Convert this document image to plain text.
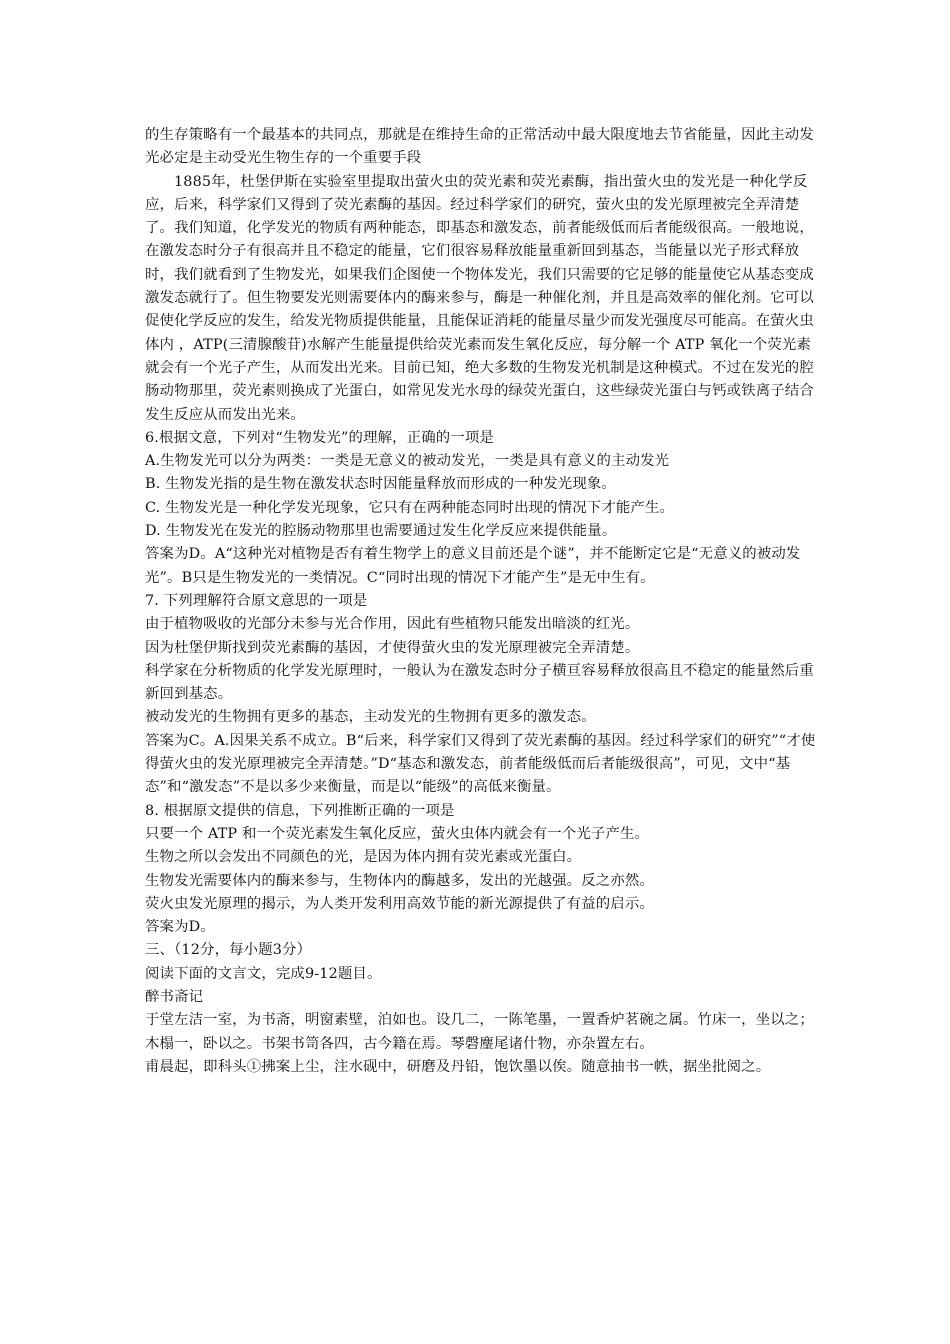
的生存策略有一个最基本的共同点，那就是在维持生命的正常活动中最大限度地去节省能量，因此主动发光必定是主动受光生物生存的一个重要手段

1885年，杜堡伊斯在实验室里提取出萤火虫的荧光素和荧光素酶，指出萤火虫的发光是一种化学反应，后来，科学家们又得到了荧光素酶的基因。经过科学家们的研究，萤火虫的发光原理被完全弄清楚了。我们知道，化学发光的物质有两种能态，即基态和激发态，前者能级低而后者能级很高。一般地说，在激发态时分子有很高并且不稳定的能量，它们很容易释放能量重新回到基态，当能量以光子形式释放时，我们就看到了生物发光，如果我们企图使一个物体发光，我们只需要的它足够的能量使它从基态变成激发态就行了。但生物要发光则需要体内的酶来参与，酶是一种催化剂，并且是高效率的催化剂。它可以促使化学反应的发生，给发光物质提供能量，且能保证消耗的能量尽量少而发光强度尽可能高。在萤火虫体内 ，ATP(三清腺酸苷)水解产生能量提供给荧光素而发生氧化反应，每分解一个 ATP 氧化一个荧光素就会有一个光子产生，从而发出光来。目前已知，绝大多数的生物发光机制是这种模式。不过在发光的腔肠动物那里，荧光素则换成了光蛋白，如常见发光水母的绿荧光蛋白，这些绿荧光蛋白与钙或铁离子结合发生反应从而发出光来。

6.根据文意，下列对“生物发光”的理解，正确的一项是

A.生物发光可以分为两类：一类是无意义的被动发光，一类是具有意义的主动发光

B. 生物发光指的是生物在激发状态时因能量释放而形成的一种发光现象。

C. 生物发光是一种化学发光现象，它只有在两种能态同时出现的情况下才能产生。

D. 生物发光在发光的腔肠动物那里也需要通过发生化学反应来提供能量。

答案为D。A“这种光对植物是否有着生物学上的意义目前还是个谜”，并不能断定它是“无意义的被动发光”。B只是生物发光的一类情况。C“同时出现的情况下才能产生”是无中生有。

7. 下列理解符合原文意思的一项是

由于植物吸收的光部分未参与光合作用，因此有些植物只能发出暗淡的红光。

因为杜堡伊斯找到荧光素酶的基因，才使得萤火虫的发光原理被完全弄清楚。

科学家在分析物质的化学发光原理时，一般认为在激发态时分子横亘容易释放很高且不稳定的能量然后重新回到基态。

被动发光的生物拥有更多的基态，主动发光的生物拥有更多的激发态。

答案为C。A.因果关系不成立。B“后来，科学家们又得到了荧光素酶的基因。经过科学家们的研究”“才使得萤火虫的发光原理被完全弄清楚。”D“基态和激发态，前者能级低而后者能级很高”，可见，文中“基态”和“激发态”不是以多少来衡量，而是以“能级”的高低来衡量。

8. 根据原文提供的信息，下列推断正确的一项是

只要一个 ATP 和一个荧光素发生氧化反应，萤火虫体内就会有一个光子产生。

生物之所以会发出不同颜色的光，是因为体内拥有荧光素或光蛋白。

生物发光需要体内的酶来参与，生物体内的酶越多，发出的光越强。反之亦然。

荧火虫发光原理的揭示，为人类开发利用高效节能的新光源提供了有益的启示。

答案为D。

三、（12分，每小题3分）

阅读下面的文言文，完成9-12题目。

醉书斋记

于堂左洁一室，为书斋，明窗素壁，泊如也。设几二，一陈笔墨，一置香炉茗碗之属。竹床一，坐以之；木榻一，卧以之。书架书笥各四，古今籍在焉。琴磬麈尾诸什物，亦杂置左右。

甫晨起，即科头①拂案上尘，注水砚中，研磨及丹铅，饱饮墨以俟。随意抽书一帙，据坐批阅之。
